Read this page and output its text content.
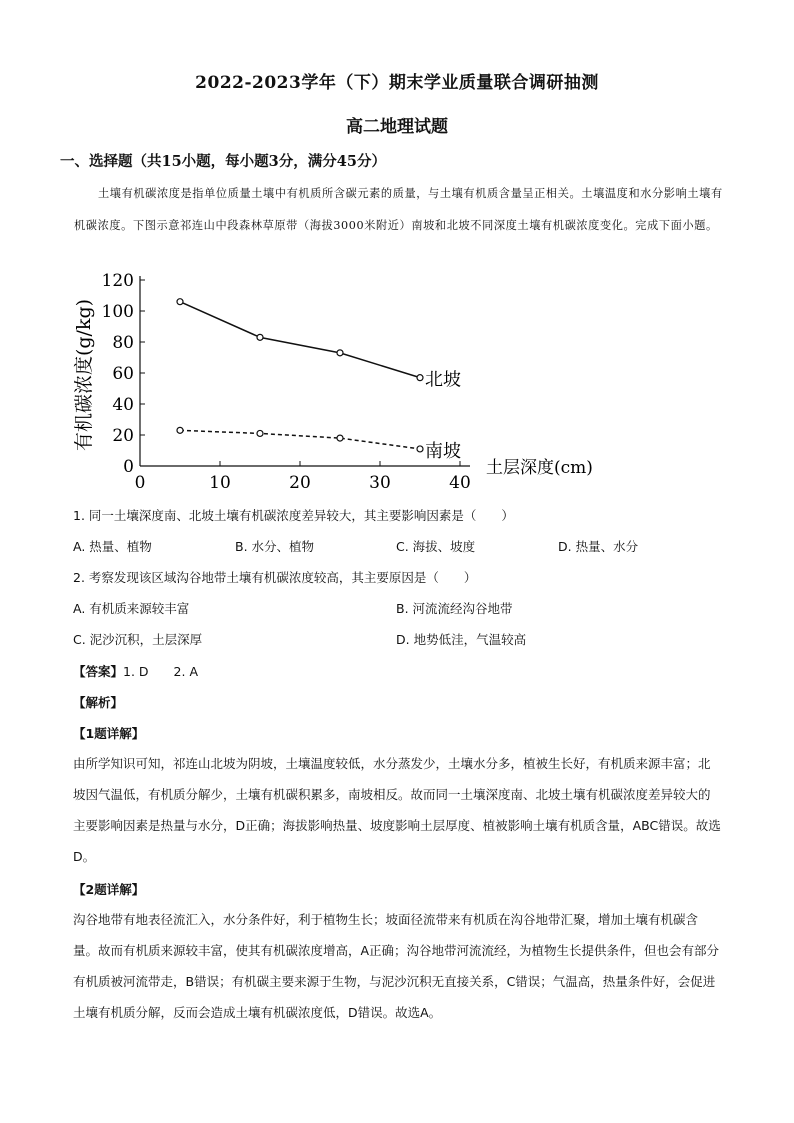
2022-2023学年（下）期末学业质量联合调研抽测
高二地理试题
一、选择题（共15小题，每小题3分，满分45分）

土壤有机碳浓度是指单位质量土壤中有机质所含碳元素的质量，与土壤有机质含量呈正相关。土壤温度和水分影响土壤有机碳浓度。下图示意祁连山中段森林草原带（海拔3000米附近）南坡和北坡不同深度土壤有机碳浓度变化。完成下面小题。

0
20
40
60
80
100
120
0	10	20	30	40
土层深度(cm)
有机碳浓度(g/kg)	北坡
南坡
1. 同一土壤深度南、北坡土壤有机碳浓度差异较大，其主要影响因素是（　　）
A. 热量、植物	B. 水分、植物	C. 海拔、坡度	D. 热量、水分
2. 考察发现该区域沟谷地带土壤有机碳浓度较高，其主要原因是（　　）
A. 有机质来源较丰富	B. 河流流经沟谷地带
C. 泥沙沉积，土层深厚	D. 地势低洼，气温较高
【答案】1. D　　2. A
【解析】
【1题详解】

由所学知识可知，祁连山北坡为阴坡，土壤温度较低，水分蒸发少，土壤水分多，植被生长好，有机质来源丰富；北坡因气温低，有机质分解少，土壤有机碳积累多，南坡相反。故而同一土壤深度南、北坡土壤有机碳浓度差异较大的主要影响因素是热量与水分，D正确；海拔影响热量、坡度影响土层厚度、植被影响土壤有机质含量，ABC错误。故选D。

【2题详解】

沟谷地带有地表径流汇入，水分条件好，利于植物生长；坡面径流带来有机质在沟谷地带汇聚，增加土壤有机碳含量。故而有机质来源较丰富，使其有机碳浓度增高，A正确；沟谷地带河流流经，为植物生长提供条件，但也会有部分有机质被河流带走，B错误；有机碳主要来源于生物，与泥沙沉积无直接关系，C错误；气温高，热量条件好，会促进土壤有机质分解，反而会造成土壤有机碳浓度低，D错误。故选A。
